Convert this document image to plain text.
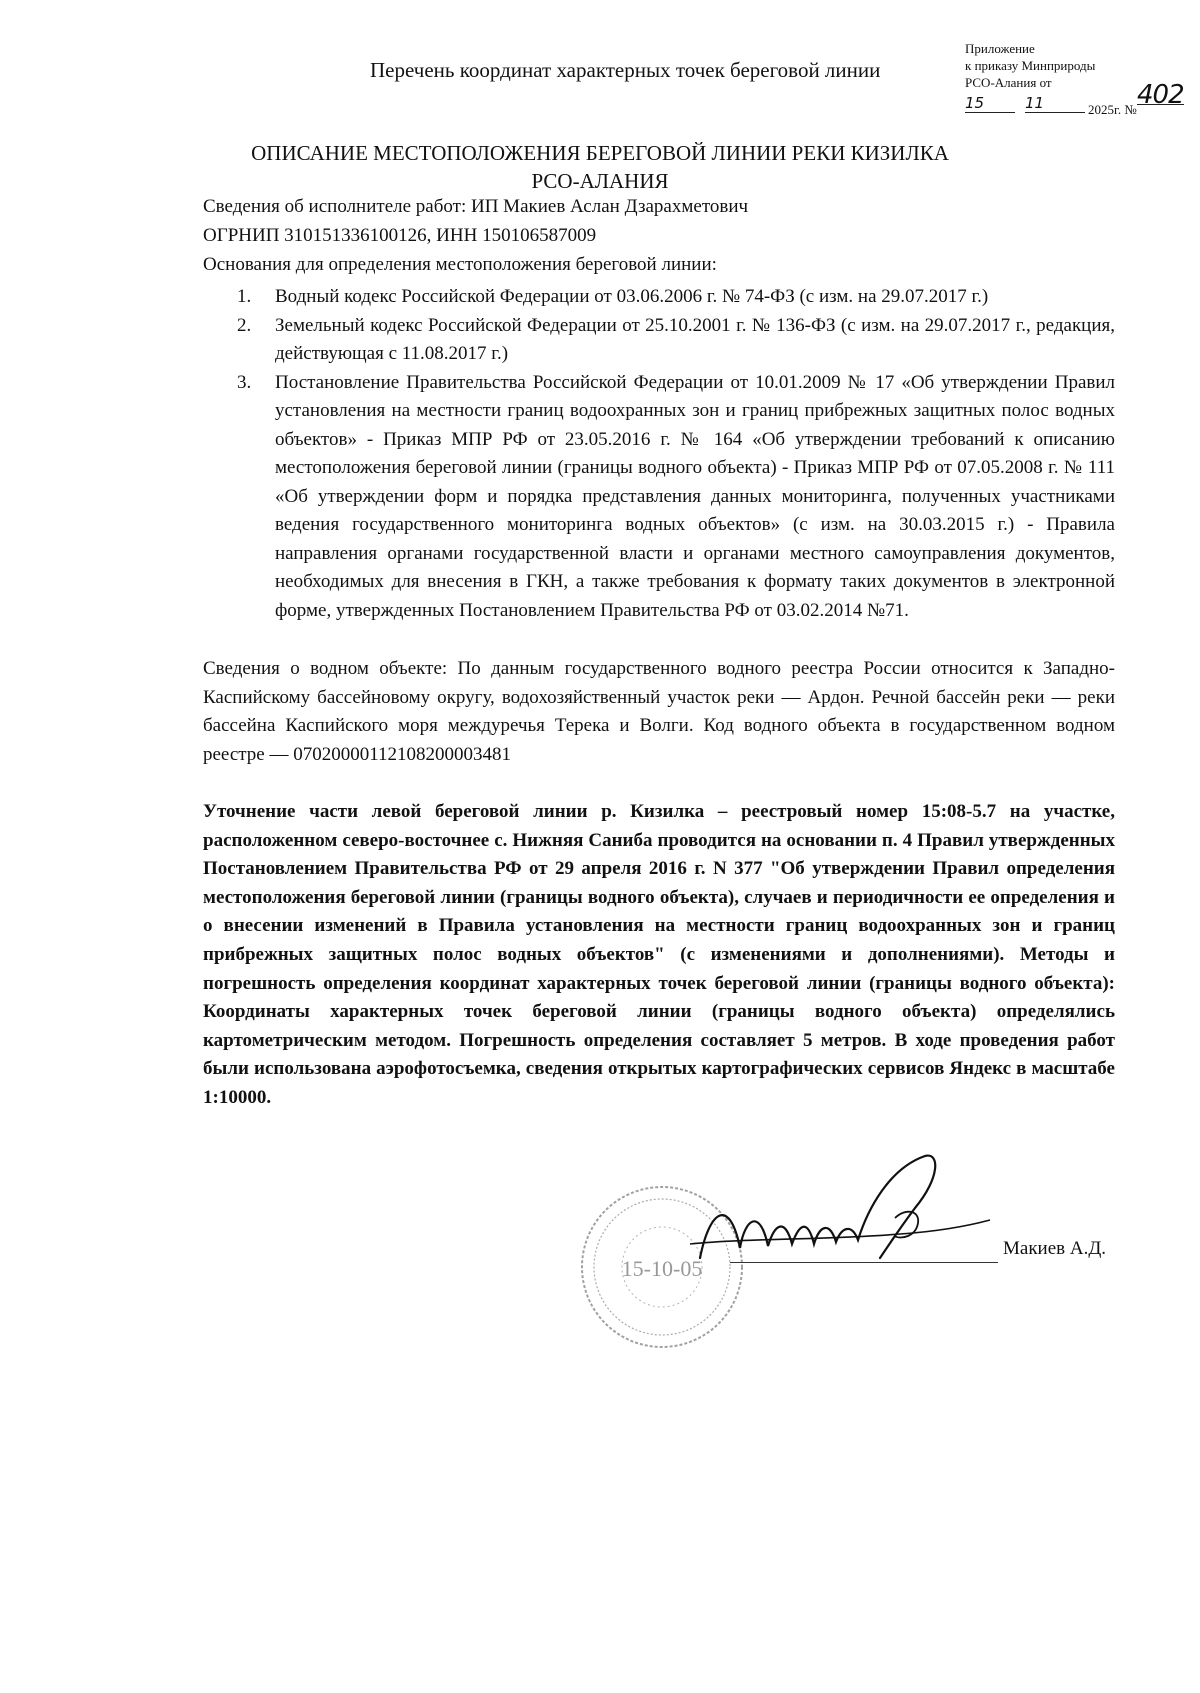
Перечень координат характерных точек береговой линии
Приложение
к приказу Минприроды
РСО-Алания от
15	11	2025г. № 402
ОПИСАНИЕ МЕСТОПОЛОЖЕНИЯ БЕРЕГОВОЙ ЛИНИИ РЕКИ КИЗИЛКА
РСО-АЛАНИЯ
Сведения об исполнителе работ: ИП Макиев Аслан Дзарахметович
ОГРНИП 310151336100126, ИНН 150106587009
Основания для определения местоположения береговой линии:
1. Водный кодекс Российской Федерации от 03.06.2006 г. № 74-ФЗ (с изм. на 29.07.2017 г.)
2. Земельный кодекс Российской Федерации от 25.10.2001 г. № 136-ФЗ (с изм. на 29.07.2017 г., редакция, действующая с 11.08.2017 г.)
3. Постановление Правительства Российской Федерации от 10.01.2009 № 17 «Об утверждении Правил установления на местности границ водоохранных зон и границ прибрежных защитных полос водных объектов» - Приказ МПР РФ от 23.05.2016 г. № 164 «Об утверждении требований к описанию местоположения береговой линии (границы водного объекта) - Приказ МПР РФ от 07.05.2008 г. № 111 «Об утверждении форм и порядка представления данных мониторинга, полученных участниками ведения государственного мониторинга водных объектов» (с изм. на 30.03.2015 г.) - Правила направления органами государственной власти и органами местного самоуправления документов, необходимых для внесения в ГКН, а также требования к формату таких документов в электронной форме, утвержденных Постановлением Правительства РФ от 03.02.2014 №71.
Сведения о водном объекте: По данным государственного водного реестра России относится к Западно-Каспийскому бассейновому округу, водохозяйственный участок реки — Ардон. Речной бассейн реки — реки бассейна Каспийского моря междуречья Терека и Волги. Код водного объекта в государственном водном реестре — 07020000112108200003481
Уточнение части левой береговой линии р. Кизилка – реестровый номер 15:08-5.7 на участке, расположенном северо-восточнее с. Нижняя Саниба проводится на основании п. 4 Правил утвержденных Постановлением Правительства РФ от 29 апреля 2016 г. N 377 "Об утверждении Правил определения местоположения береговой линии (границы водного объекта), случаев и периодичности ее определения и о внесении изменений в Правила установления на местности границ водоохранных зон и границ прибрежных защитных полос водных объектов" (с изменениями и дополнениями). Методы и погрешность определения координат характерных точек береговой линии (границы водного объекта): Координаты характерных точек береговой линии (границы водного объекта) определялись картометрическим методом. Погрешность определения составляет 5 метров. В ходе проведения работ были использована аэрофотосъемка, сведения открытых картографических сервисов Яндекс в масштабе 1:10000.
15-10-05
Макиев А.Д.
